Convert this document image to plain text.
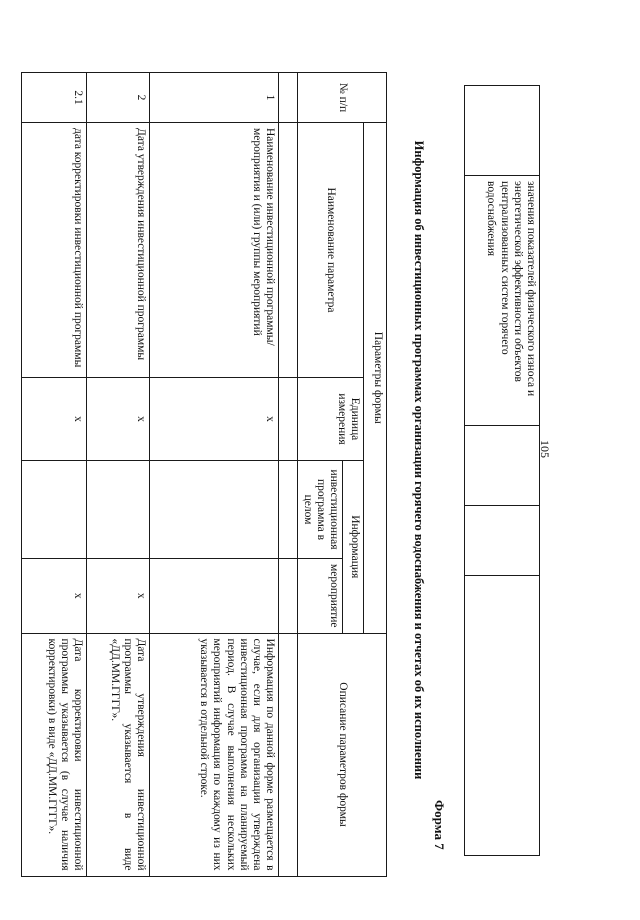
105
	значения показателей физического износа и энергетической эффективности объектов централизованных систем горячего водоснабжения			
Форма 7
Информация об инвестиционных программах организации горячего водоснабжения и отчетах об их исполнении
№ п/п	Параметры формы				Описание параметров формы
	Наименование параметра	Единица измерения	Информация		
			инвестиционная программа в целом	мероприятие	

1	Наименование инвестиционной программы/мероприятия и (или) группы мероприятий	x			Информация по данной форме размещается в случае, если для организации утверждена инвестиционная программа на планируемый период. В случае выполнения нескольких мероприятий информация по каждому из них указывается в отдельной строке.
2	Дата утверждения инвестиционной программы	x		x	Дата утверждения инвестиционной программы указывается в виде «ДД.ММ.ГГГГ».
2.1	дата корректировки инвестиционной программы	x		x	Дата корректировки инвестиционной программы указывается (в случае наличия корректировки) в виде «ДД.ММ.ГГГГ».
